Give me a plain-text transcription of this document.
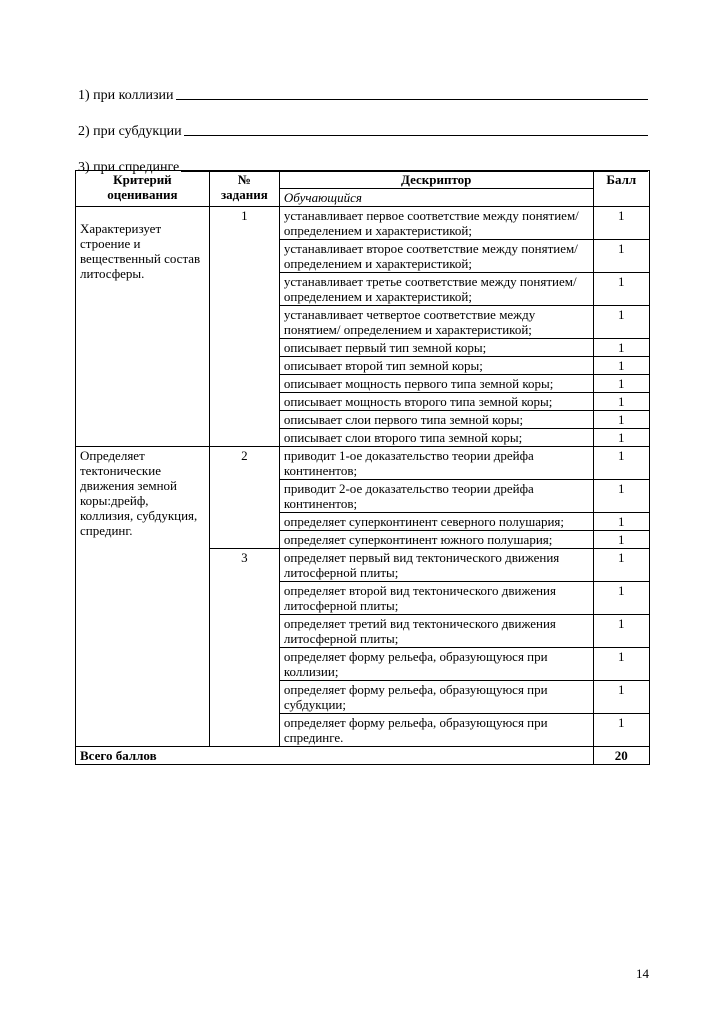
1) при коллизии
2) при субдукции
3) при спрединге
Критерий оценивания	№ задания	Дескриптор	Балл
		Обучающийся	
Характеризует строение и вещественный состав литосферы.	1	устанавливает первое соответствие между понятием/ определением и характеристикой;	1
		устанавливает второе соответствие между понятием/ определением и характеристикой;	1
		устанавливает третье соответствие между понятием/ определением и характеристикой;	1
		устанавливает четвертое соответствие между понятием/ определением и характеристикой;	1
		описывает первый тип земной коры;	1
		описывает второй тип земной коры;	1
		описывает мощность первого типа земной коры;	1
		описывает мощность второго типа земной коры;	1
		описывает слои первого типа земной коры;	1
		описывает слои второго типа земной коры;	1
Определяет тектонические движения земной коры:дрейф, коллизия, субдукция, спрединг.	2	приводит 1-ое доказательство теории дрейфа континентов;	1
		приводит 2-ое доказательство теории дрейфа континентов;	1
		определяет суперконтинент северного полушария;	1
		определяет суперконтинент южного полушария;	1
	3	определяет первый вид тектонического движения литосферной плиты;	1
		определяет второй вид тектонического движения литосферной плиты;	1
		определяет третий вид тектонического движения литосферной плиты;	1
		определяет форму рельефа, образующуюся при коллизии;	1
		определяет форму рельефа, образующуюся при субдукции;	1
		определяет форму рельефа, образующуюся при спрединге.	1
Всего баллов			20
14
